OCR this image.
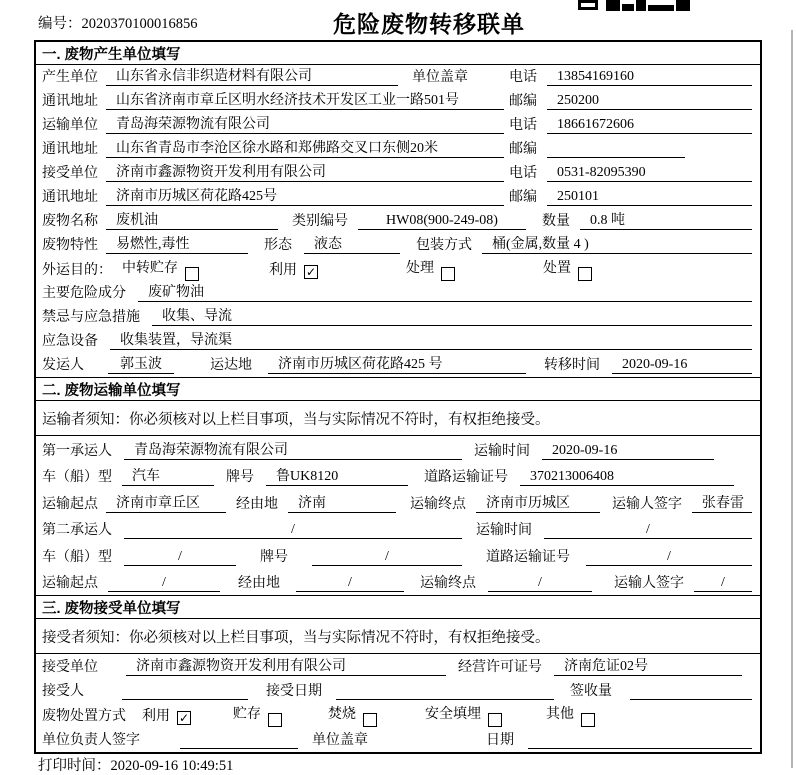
编号：2020370100016856	危险废物转移联单
一. 废物产生单位填写
产生单位	山东省永信非织造材料有限公司	单位盖章	电话	13854169160
通讯地址	山东省济南市章丘区明水经济技术开发区工业一路501号	邮编	250200
运输单位	青岛海荣源物流有限公司	电话	18661672606
通讯地址	山东省青岛市李沧区徐水路和郑佛路交叉口东侧20米	邮编
接受单位	济南市鑫源物资开发利用有限公司	电话	0531-82095390
通讯地址	济南市历城区荷花路425号	邮编	250101
废物名称	废机油	类别编号	HW08(900-249-08)	数量	0.8 吨
废物特性	易燃性,毒性	形态	液态	包装方式	桶(金属,数量 4 )
外运目的： 中转贮存	利用 ✓	处理	处置
主要危险成分	废矿物油
禁忌与应急措施	收集、导流
应急设备	收集装置，导流渠
发运人	郭玉波	运达地	济南市历城区荷花路425 号	转移时间	2020-09-16
二. 废物运输单位填写
运输者须知：你必须核对以上栏目事项，当与实际情况不符时，有权拒绝接受。
第一承运人	青岛海荣源物流有限公司	运输时间	2020-09-16
车（船）型	汽车	牌号	鲁UK8120	道路运输证号	370213006408
运输起点	济南市章丘区	经由地	济南	运输终点	济南市历城区	运输人签字	张春雷
第二承运人	/	运输时间	/
车（船）型	/	牌号	/	道路运输证号	/
运输起点	/	经由地	/	运输终点	/	运输人签字	/
三. 废物接受单位填写
接受者须知：你必须核对以上栏目事项，当与实际情况不符时，有权拒绝接受。
接受单位	济南市鑫源物资开发利用有限公司	经营许可证号	济南危证02号
接受人	接受日期	签收量
废物处置方式 利用 ✓	贮存	焚烧	安全填埋	其他
单位负责人签字	单位盖章	日期
打印时间：2020-09-16 10:49:51
